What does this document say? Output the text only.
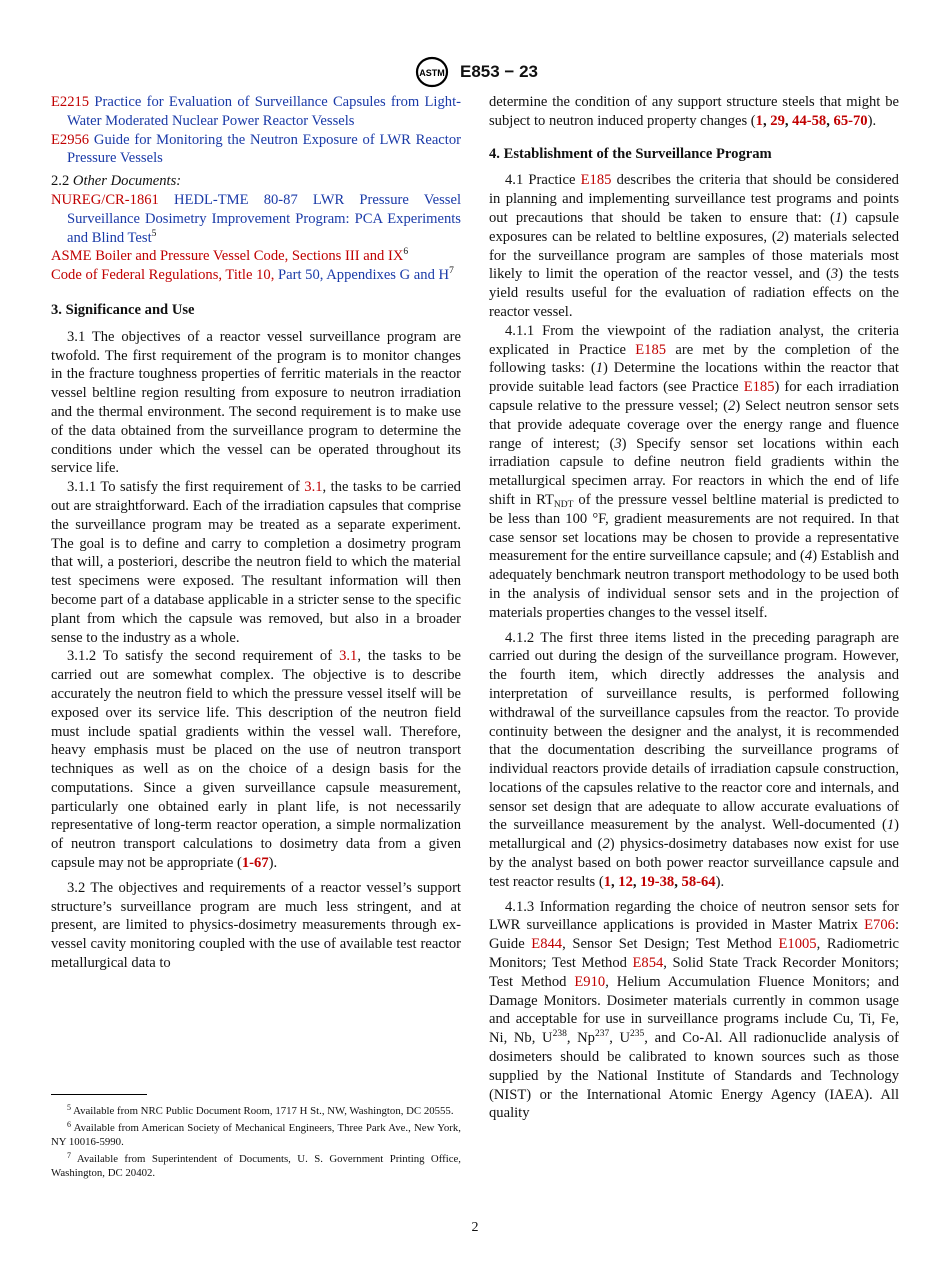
ASTM E853 − 23

E2215 Practice for Evaluation of Surveillance Capsules from Light-Water Moderated Nuclear Power Reactor Vessels

E2956 Guide for Monitoring the Neutron Exposure of LWR Reactor Pressure Vessels

2.2 Other Documents:

NUREG/CR-1861 HEDL-TME 80-87 LWR Pressure Vessel Surveillance Dosimetry Improvement Program: PCA Experiments and Blind Test$^5$

ASME Boiler and Pressure Vessel Code, Sections III and $IX^6$

Code of Federal Regulations, Title 10, Part 50, Appendixes G and $H^7$

3. Significance and Use

3.1 The objectives of a reactor vessel surveillance program are twofold. The first requirement of the program is to monitor changes in the fracture toughness properties of ferritic materials in the reactor vessel beltline region resulting from exposure to neutron irradiation and the thermal environment. The second requirement is to make use of the data obtained from the surveillance program to determine the conditions under which the vessel can be operated throughout its service life.

3.1.1 To satisfy the first requirement of 3.1, the tasks to be carried out are straightforward. Each of the irradiation capsules that comprise the surveillance program may be treated as a separate experiment. The goal is to define and carry to completion a dosimetry program that will, a posteriori, describe the neutron field to which the material test specimens were exposed. The resultant information will then become part of a database applicable in a stricter sense to the specific plant from which the capsule was removed, but also in a broader sense to the industry as a whole.

3.1.2 To satisfy the second requirement of 3.1, the tasks to be carried out are somewhat complex. The objective is to describe accurately the neutron field to which the pressure vessel itself will be exposed over its service life. This description of the neutron field must include spatial gradients within the vessel wall. Therefore, heavy emphasis must be placed on the use of neutron transport techniques as well as on the choice of a design basis for the computations. Since a given surveillance capsule measurement, particularly one obtained early in plant life, is not necessarily representative of long-term reactor operation, a simple normalization of neutron transport calculations to dosimetry data from a given capsule may not be appropriate (1-67).

3.2 The objectives and requirements of a reactor vessel’s support structure’s surveillance program are much less stringent, and at present, are limited to physics-dosimetry measurements through ex-vessel cavity monitoring coupled with the use of available test reactor metallurgical data to

determine the condition of any support structure steels that might be subject to neutron induced property changes (1, 29, 44-58, 65-70).

4. Establishment of the Surveillance Program

4.1 Practice E185 describes the criteria that should be considered in planning and implementing surveillance test programs and points out precautions that should be taken to ensure that: (1) capsule exposures can be related to beltline exposures, (2) materials selected for the surveillance program are samples of those materials most likely to limit the operation of the reactor vessel, and (3) the tests yield results useful for the evaluation of radiation effects on the reactor vessel.

4.1.1 From the viewpoint of the radiation analyst, the criteria explicated in Practice E185 are met by the completion of the following tasks: (1) Determine the locations within the reactor that provide suitable lead factors (see Practice E185) for each irradiation capsule relative to the pressure vessel; (2) Select neutron sensor sets that provide adequate coverage over the energy range and fluence range of interest; (3) Specify sensor set locations within each irradiation capsule to define neutron field gradients within the metallurgical specimen array. For reactors in which the end of life shift in $RT_{NDT}$ of the pressure vessel beltline material is predicted to be less than 100 °F, gradient measurements are not required. In that case sensor set locations may be chosen to provide a representative measurement for the entire surveillance capsule; and (4) Establish and adequately benchmark neutron transport methodology to be used both in the analysis of individual sensor sets and in the projection of materials properties changes to the vessel itself.

4.1.2 The first three items listed in the preceding paragraph are carried out during the design of the surveillance program. However, the fourth item, which directly addresses the analysis and interpretation of surveillance results, is performed following withdrawal of the surveillance capsules from the reactor. To provide continuity between the designer and the analyst, it is recommended that the documentation describing the surveillance programs of individual reactors provide details of irradiation capsule construction, locations of the capsules relative to the reactor core and internals, and sensor set design that are adequate to allow accurate evaluations of the surveillance measurement by the analyst. Well-documented (1) metallurgical and (2) physics-dosimetry databases now exist for use by the analyst based on both power reactor surveillance capsule and test reactor results (1, 12, 19-38, 58-64).

4.1.3 Information regarding the choice of neutron sensor sets for LWR surveillance applications is provided in Master Matrix E706: Guide E844, Sensor Set Design; Test Method E1005, Radiometric Monitors; Test Method E854, Solid State Track Recorder Monitors; Test Method E910, Helium Accumulation Fluence Monitors; and Damage Monitors. Dosimeter materials currently in common usage and acceptable for use in surveillance programs include Cu, Ti, Fe, Ni, Nb, $U^{238}$, Np$^{237}$, $U^{235}$, and Co-Al. All radionuclide analysis of dosimeters should be calibrated to known sources such as those supplied by the National Institute of Standards and Technology (NIST) or the International Atomic Energy Agency (IAEA). All quality

$^5$ Available from NRC Public Document Room, 1717 H St., NW, Washington, DC 20555.

$^6$ Available from American Society of Mechanical Engineers, Three Park Ave., New York, NY 10016-5990.

$^7$ Available from Superintendent of Documents, U. S. Government Printing Office, Washington, DC 20402.

2
